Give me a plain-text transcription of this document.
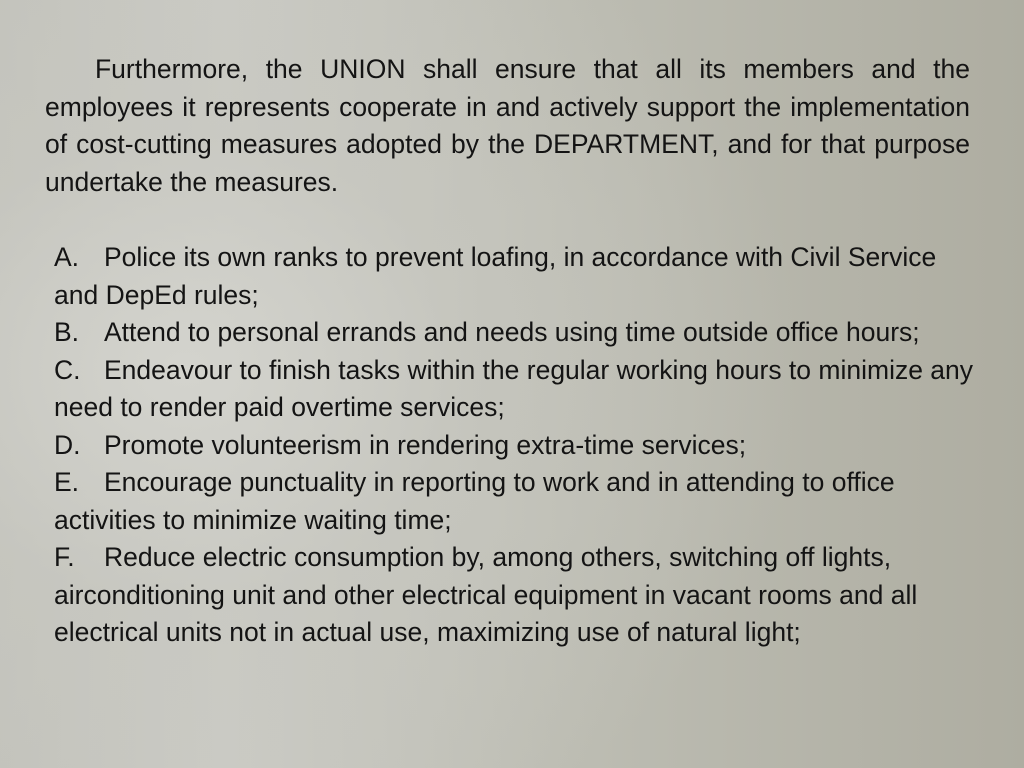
Furthermore, the UNION shall ensure that all its members and the employees it represents cooperate in and actively support the implementation of cost-cutting measures adopted by the DEPARTMENT, and for that purpose undertake the measures.

A. Police its own ranks to prevent loafing, in accordance with Civil Service and DepEd rules;
B. Attend to personal errands and needs using time outside office hours;
C. Endeavour to finish tasks within the regular working hours to minimize any need to render paid overtime services;
D. Promote volunteerism in rendering extra-time services;
E. Encourage punctuality in reporting to work and in attending to office activities to minimize waiting time;
F. Reduce electric consumption by, among others, switching off lights, airconditioning unit and other electrical equipment in vacant rooms and all electrical units not in actual use, maximizing use of natural light;
